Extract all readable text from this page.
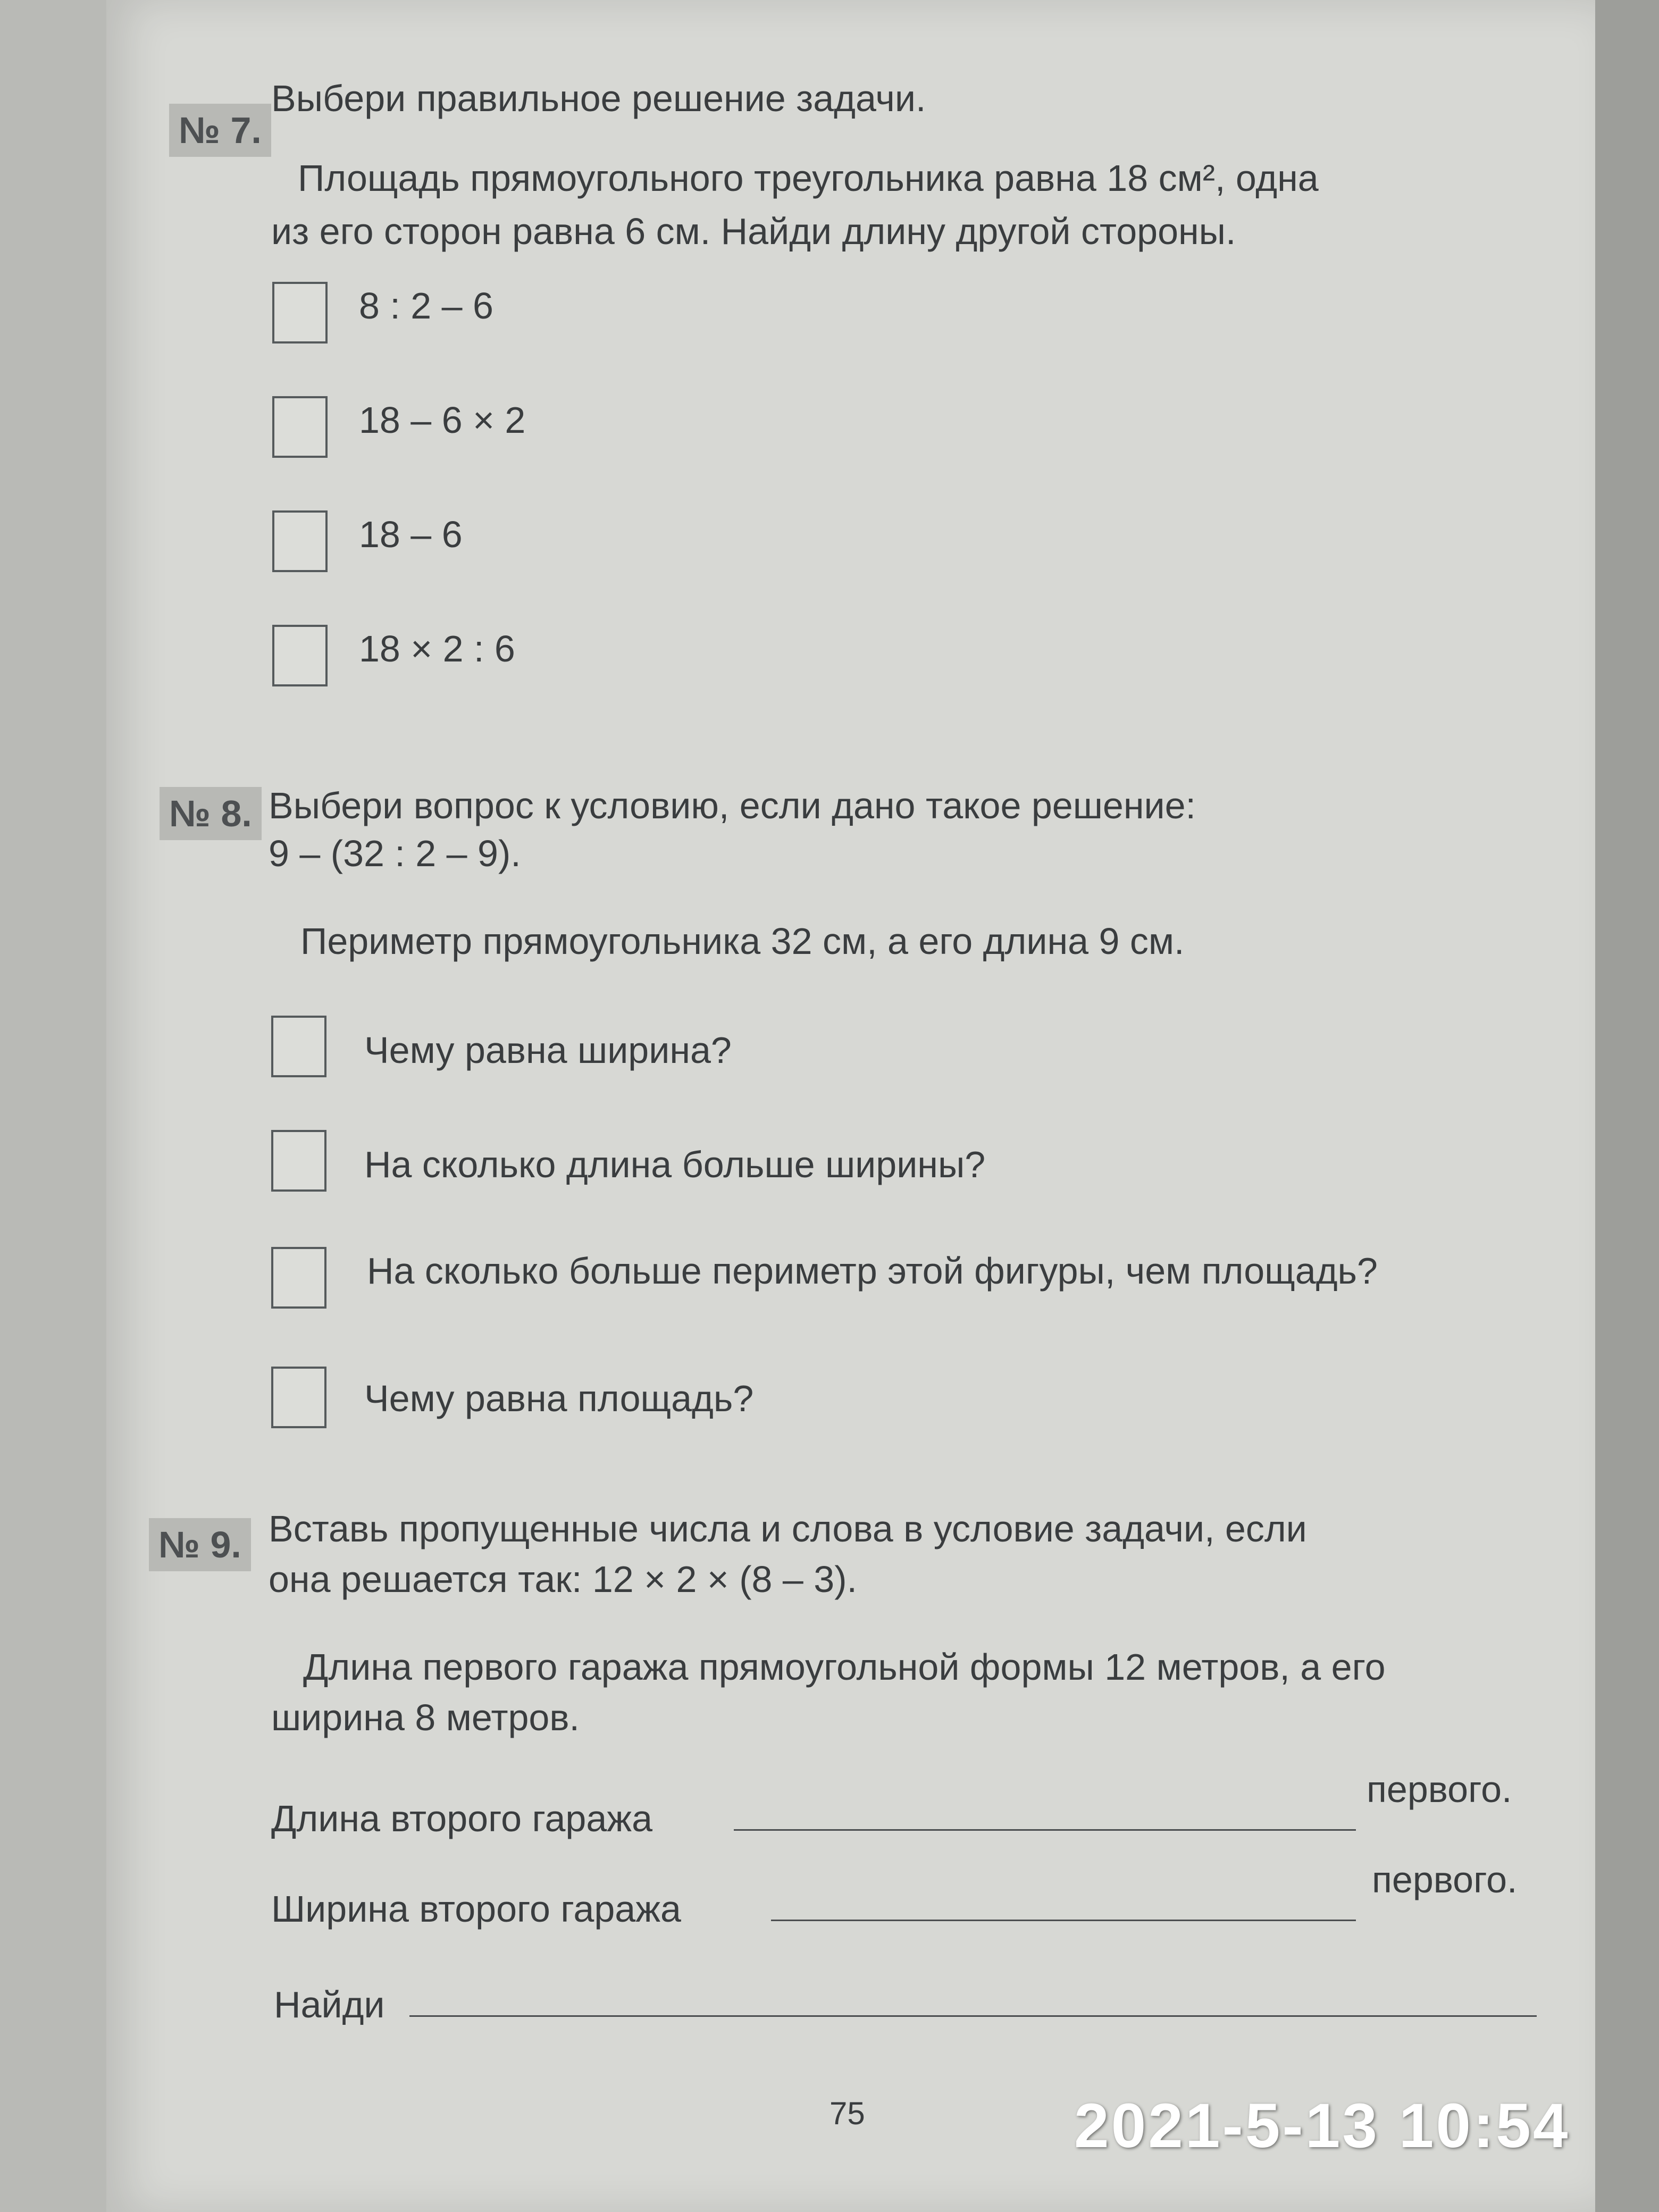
№ 7.
Выбери правильное решение задачи.
Площадь прямоугольного треугольника равна 18 см², одна
из его сторон равна 6 см. Найди длину другой стороны.
8 : 2 – 6
18 – 6 × 2
18 – 6
18 × 2 : 6
№ 8. Выбери вопрос к условию, если дано такое решение:
9 – (32 : 2 – 9).
Периметр прямоугольника 32 см, а его длина 9 см.
Чему равна ширина?
На сколько длина больше ширины?
На сколько больше периметр этой фигуры, чем площадь?
Чему равна площадь?
№ 9. Вставь пропущенные числа и слова в условие задачи, если
она решается так: 12 × 2 × (8 – 3).
Длина первого гаража прямоугольной формы 12 метров, а его
ширина 8 метров.
Длина второго гаража
первого.
Ширина второго гаража
первого.
Найди
75	2021-5-13 10:54
